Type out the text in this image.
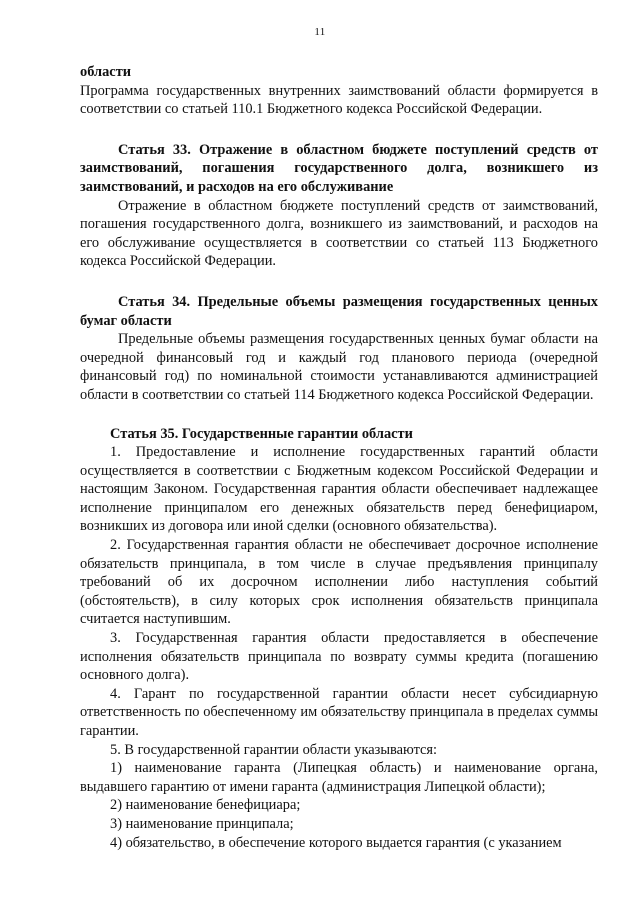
11

области

Программа государственных внутренних заимствований области формируется в соответствии со статьей 110.1 Бюджетного кодекса Российской Федерации.

Статья 33. Отражение в областном бюджете поступлений средств от заимствований, погашения государственного долга, возникшего из заимствований, и расходов на его обслуживание

Отражение в областном бюджете поступлений средств от заимствований, погашения государственного долга, возникшего из заимствований, и расходов на его обслуживание осуществляется в соответствии со статьей 113 Бюджетного кодекса Российской Федерации.

Статья 34. Предельные объемы размещения государственных ценных бумаг области

Предельные объемы размещения государственных ценных бумаг области на очередной финансовый год и каждый год планового периода (очередной финансовый год) по номинальной стоимости устанавливаются администрацией области в соответствии со статьей 114 Бюджетного кодекса Российской Федерации.

Статья 35. Государственные гарантии области

1. Предоставление и исполнение государственных гарантий области осуществляется в соответствии с Бюджетным кодексом Российской Федерации и настоящим Законом. Государственная гарантия области обеспечивает надлежащее исполнение принципалом его денежных обязательств перед бенефициаром, возникших из договора или иной сделки (основного обязательства).

2. Государственная гарантия области не обеспечивает досрочное исполнение обязательств принципала, в том числе в случае предъявления принципалу требований об их досрочном исполнении либо наступления событий (обстоятельств), в силу которых срок исполнения обязательств принципала считается наступившим.

3. Государственная гарантия области предоставляется в обеспечение исполнения обязательств принципала по возврату суммы кредита (погашению основного долга).

4. Гарант по государственной гарантии области несет субсидиарную ответственность по обеспеченному им обязательству принципала в пределах суммы гарантии.

5. В государственной гарантии области указываются:

1) наименование гаранта (Липецкая область) и наименование органа, выдавшего гарантию от имени гаранта (администрация Липецкой области);

2) наименование бенефициара;

3) наименование принципала;

4) обязательство, в обеспечение которого выдается гарантия (с указанием
